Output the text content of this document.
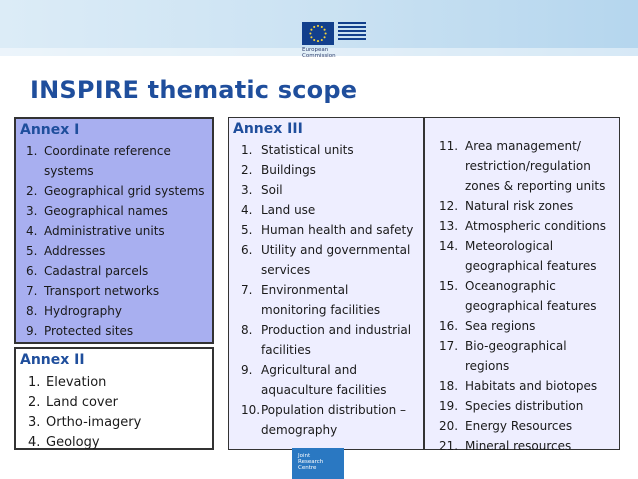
European
Commission
INSPIRE thematic scope
Annex I
1. Coordinate reference systems
2. Geographical grid systems
3. Geographical names
4. Administrative units
5. Addresses
6. Cadastral parcels
7. Transport networks
8. Hydrography
9. Protected sites
Annex II
1. Elevation
2. Land cover
3. Ortho-imagery
4. Geology
Annex III
1. Statistical units
2. Buildings
3. Soil
4. Land use
5. Human health and safety
6. Utility and governmental services
7. Environmental monitoring facilities
8. Production and industrial facilities
9. Agricultural and aquaculture facilities
10. Population distribution – demography
11. Area management/ restriction/regulation zones & reporting units
12. Natural risk zones
13. Atmospheric conditions
14. Meteorological geographical features
15. Oceanographic geographical features
16. Sea regions
17. Bio-geographical regions
18. Habitats and biotopes
19. Species distribution
20. Energy Resources
21. Mineral resources
Joint
Research
Centre
